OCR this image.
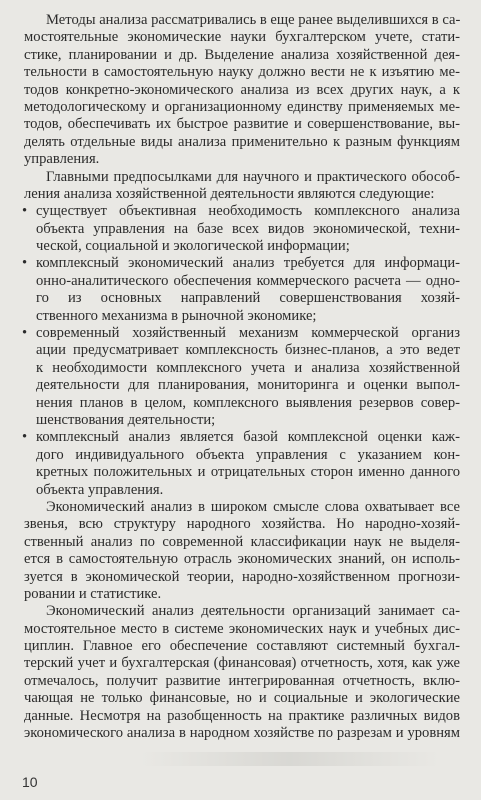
Методы анализа рассматривались в еще ранее выделившихся в са-
мостоятельные экономические науки бухгалтерском учете, стати-
стике, планировании и др. Выделение анализа хозяйственной дея-
тельности в самостоятельную науку должно вести не к изъятию ме-
тодов конкретно-экономического анализа из всех других наук, а к
методологическому и организационному единству применяемых ме-
тодов, обеспечивать их быстрое развитие и совершенствование, вы-
делять отдельные виды анализа применительно к разным функциям
управления.
Главными предпосылками для научного и практического обособ-
ления анализа хозяйственной деятельности являются следующие:
• существует объективная необходимость комплексного анализа
объекта управления на базе всех видов экономической, техни-
ческой, социальной и экологической информации;
• комплексный экономический анализ требуется для информаци-
онно-аналитического обеспечения коммерческого расчета — одно-
го из основных направлений совершенствования хозяй-
ственного механизма в рыночной экономике;
• современный хозяйственный механизм коммерческой организ
ации предусматривает комплексность бизнес-планов, а это ведет
к необходимости комплексного учета и анализа хозяйственной
деятельности для планирования, мониторинга и оценки выпол-
нения планов в целом, комплексного выявления резервов совер-
шенствования деятельности;
• комплексный анализ является базой комплексной оценки каж-
дого индивидуального объекта управления с указанием кон-
кретных положительных и отрицательных сторон именно данного
объекта управления.
Экономический анализ в широком смысле слова охватывает все
звенья, всю структуру народного хозяйства. Но народно-хозяй-
ственный анализ по современной классификации наук не выделя-
ется в самостоятельную отрасль экономических знаний, он исполь-
зуется в экономической теории, народно-хозяйственном прогнози-
ровании и статистике.
Экономический анализ деятельности организаций занимает са-
мостоятельное место в системе экономических наук и учебных дис-
циплин. Главное его обеспечение составляют системный бухгал-
терский учет и бухгалтерская (финансовая) отчетность, хотя, как уже
отмечалось, получит развитие интегрированная отчетность, вклю-
чающая не только финансовые, но и социальные и экологические
данные. Несмотря на разобщенность на практике различных видов
экономического анализа в народном хозяйстве по разрезам и уровням
10
